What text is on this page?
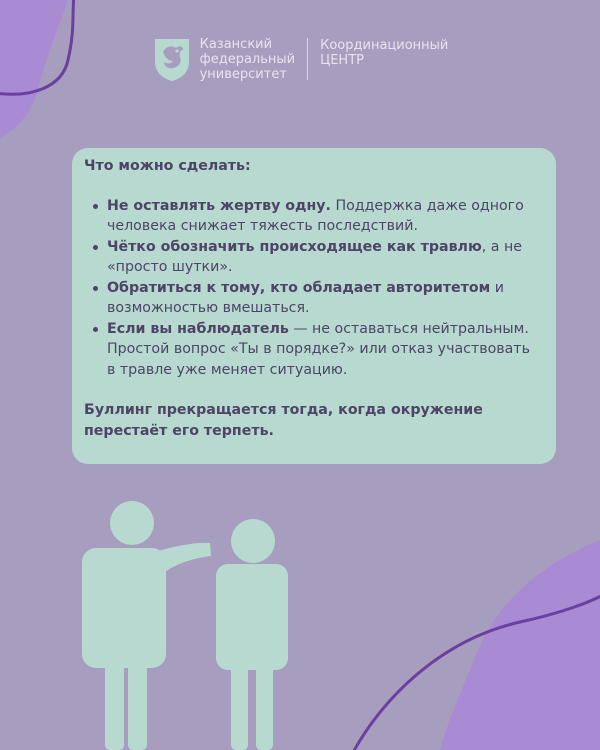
Казанский
федеральный
университет
Координационный
ЦЕНТР
Что можно сделать:
Не оставлять жертву одну. Поддержка даже одного человека снижает тяжесть последствий.
Чётко обозначить происходящее как травлю, а не «просто шутки».
Обратиться к тому, кто обладает авторитетом и возможностью вмешаться.
Если вы наблюдатель — не оставаться нейтральным. Простой вопрос «Ты в порядке?» или отказ участвовать в травле уже меняет ситуацию.
Буллинг прекращается тогда, когда окружение перестаёт его терпеть.
